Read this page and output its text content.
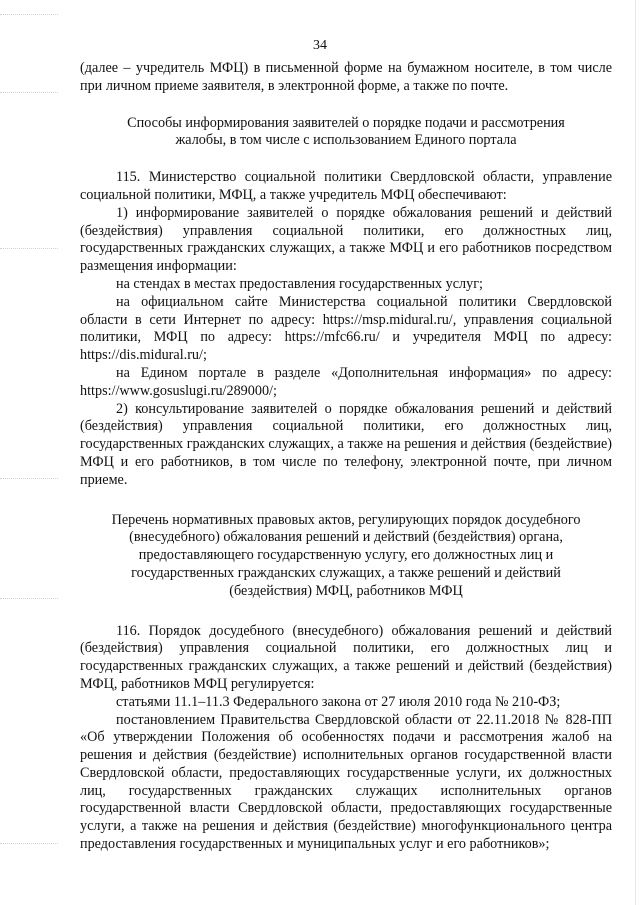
34

(далее – учредитель МФЦ) в письменной форме на бумажном носителе, в том числе при личном приеме заявителя, в электронной форме, а также по почте.

Способы информирования заявителей о порядке подачи и рассмотрения жалобы, в том числе с использованием Единого портала

115. Министерство социальной политики Свердловской области, управление социальной политики, МФЦ, а также учредитель МФЦ обеспечивают:

1) информирование заявителей о порядке обжалования решений и действий (бездействия) управления социальной политики, его должностных лиц, государственных гражданских служащих, а также МФЦ и его работников посредством размещения информации:

на стендах в местах предоставления государственных услуг;

на официальном сайте Министерства социальной политики Свердловской области в сети Интернет по адресу: https://msp.midural.ru/, управления социальной политики, МФЦ по адресу: https://mfc66.ru/ и учредителя МФЦ по адресу: https://dis.midural.ru/;

на Едином портале в разделе «Дополнительная информация» по адресу: https://www.gosuslugi.ru/289000/;

2) консультирование заявителей о порядке обжалования решений и действий (бездействия) управления социальной политики, его должностных лиц, государственных гражданских служащих, а также на решения и действия (бездействие) МФЦ и его работников, в том числе по телефону, электронной почте, при личном приеме.

Перечень нормативных правовых актов, регулирующих порядок досудебного (внесудебного) обжалования решений и действий (бездействия) органа, предоставляющего государственную услугу, его должностных лиц и государственных гражданских служащих, а также решений и действий (бездействия) МФЦ, работников МФЦ

116. Порядок досудебного (внесудебного) обжалования решений и действий (бездействия) управления социальной политики, его должностных лиц и государственных гражданских служащих, а также решений и действий (бездействия) МФЦ, работников МФЦ регулируется:

статьями 11.1–11.3 Федерального закона от 27 июля 2010 года № 210-ФЗ;

постановлением Правительства Свердловской области от 22.11.2018 № 828-ПП «Об утверждении Положения об особенностях подачи и рассмотрения жалоб на решения и действия (бездействие) исполнительных органов государственной власти Свердловской области, предоставляющих государственные услуги, их должностных лиц, государственных гражданских служащих исполнительных органов государственной власти Свердловской области, предоставляющих государственные услуги, а также на решения и действия (бездействие) многофункционального центра предоставления государственных и муниципальных услуг и его работников»;
